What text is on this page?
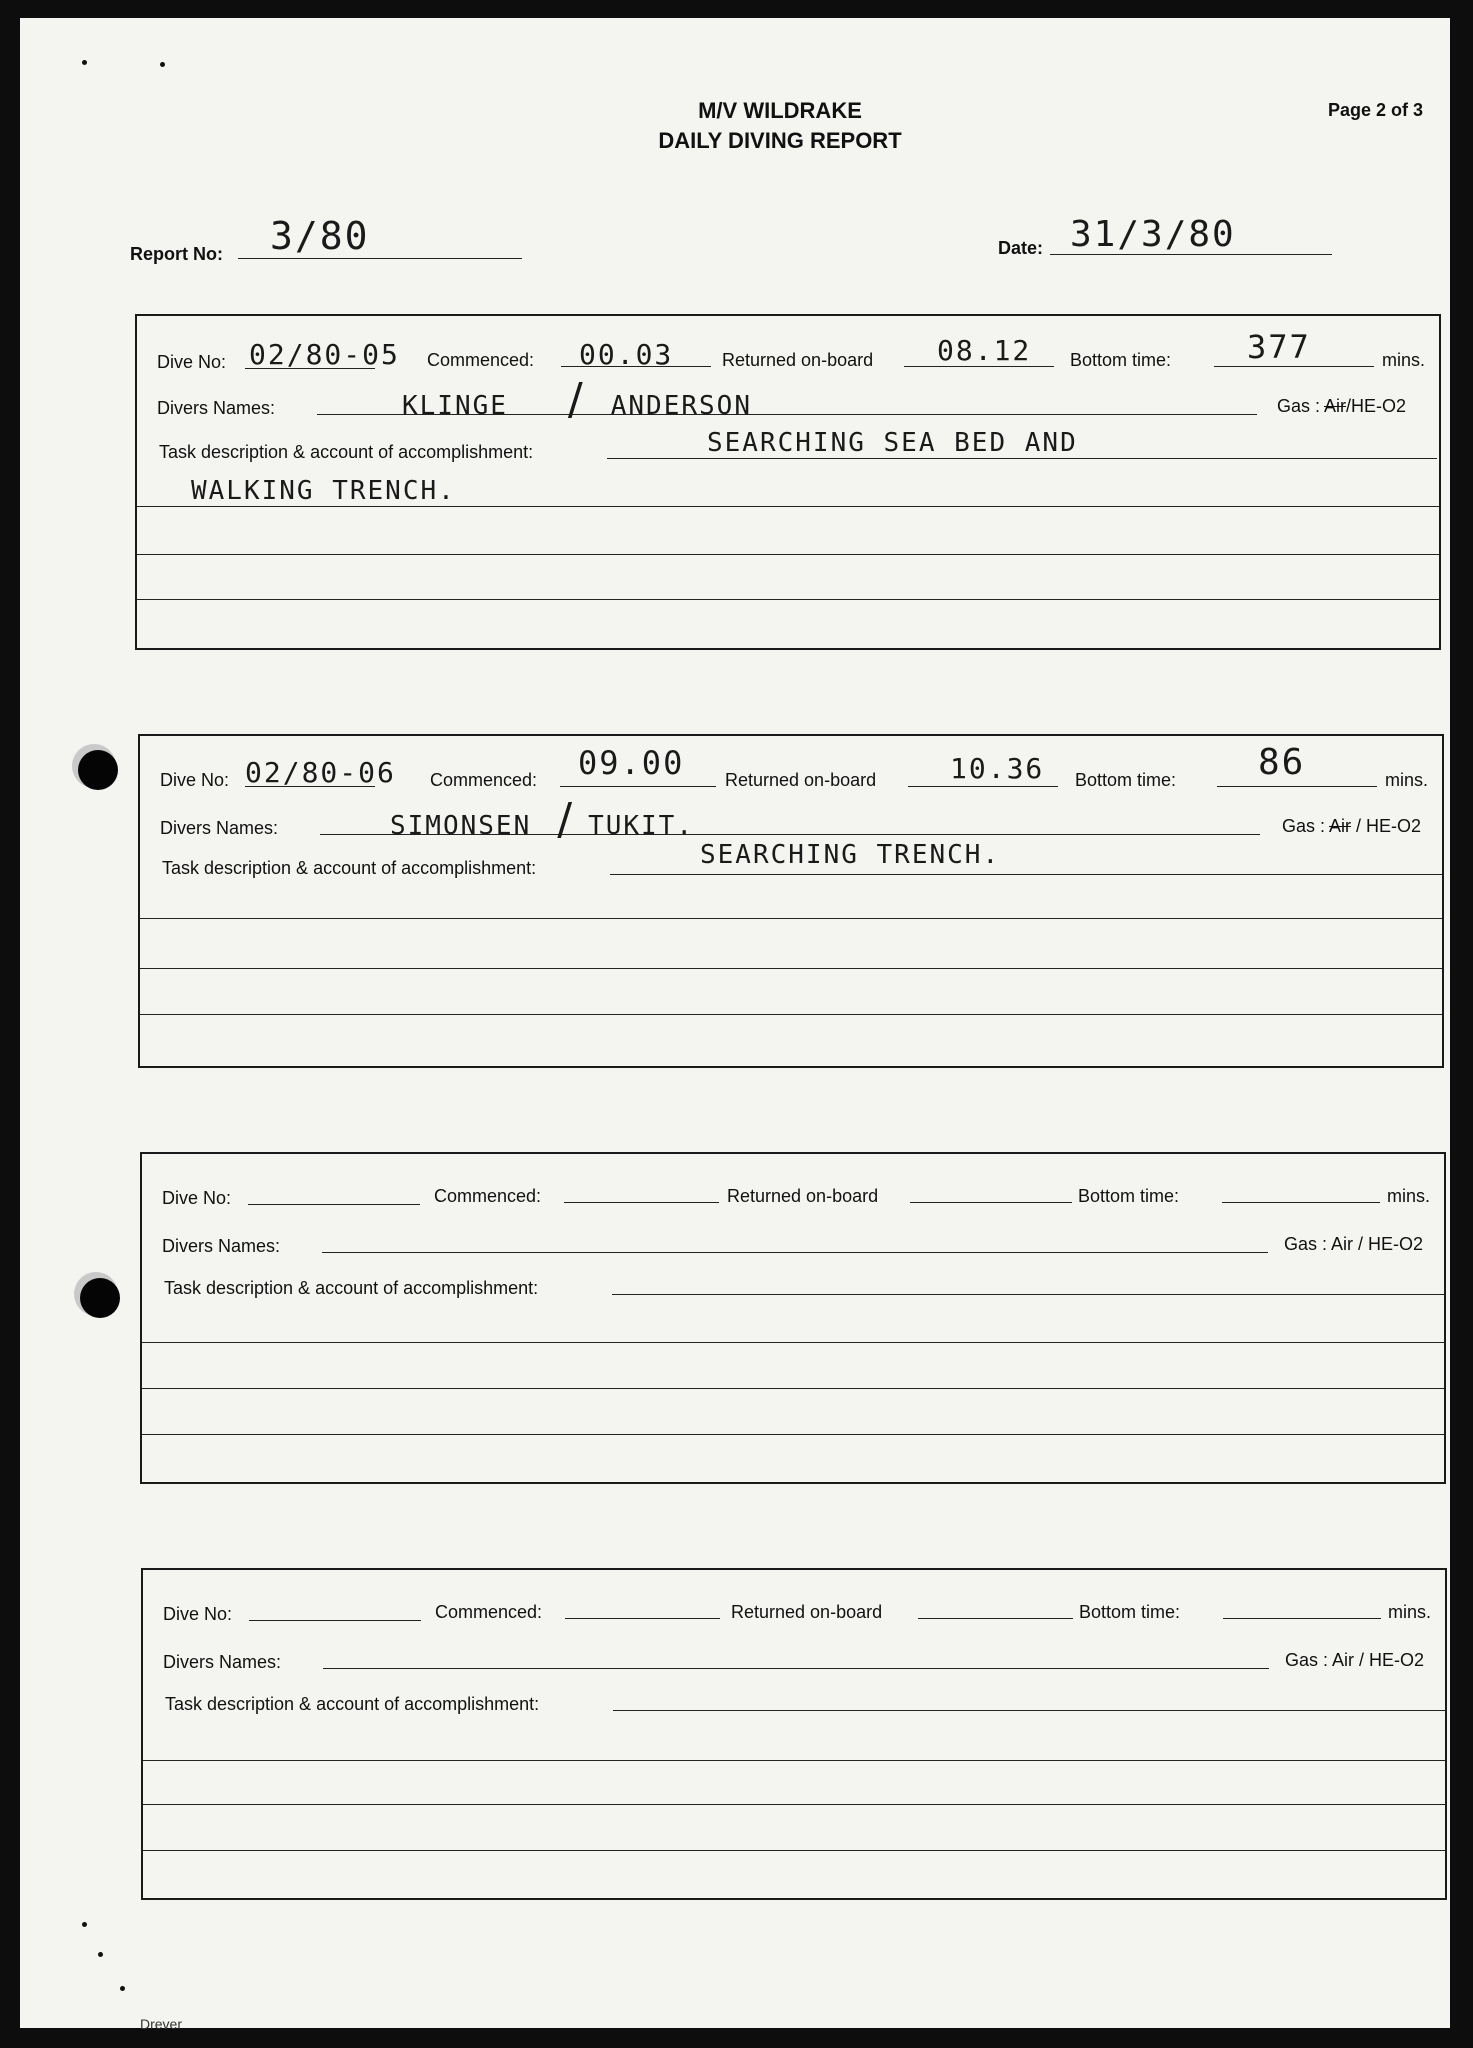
M/V WILDRAKE
DAILY DIVING REPORT
Page 2 of 3
Report No: 3/80	Date: 31/3/80
Dive No: 02/80-05 Commenced: 00.03	Returned on-board 08.12 Bottom time: 377	mins.
Divers Names:	KLINGE / ANDERSON	Gas : Air/HE-O2
Task description & account of accomplishment:	SEARCHING SEA BED AND
WALKING TRENCH.
Dive No: 02/80-06 Commenced: 09.00 Returned on-board	10.36 Bottom time: 86	mins.
Divers Names:	SIMONSEN / TUKIT.	Gas : Air / HE-O2
Task description & account of accomplishment:	SEARCHING TRENCH.
Dive No:	Commenced:	Returned on-board	Bottom time:	mins.
Divers Names:	Gas : Air / HE-O2
Task description & account of accomplishment:
Dive No:	Commenced:	Returned on-board	Bottom time:	mins.
Divers Names:	Gas : Air / HE-O2
Task description & account of accomplishment:
Drever
